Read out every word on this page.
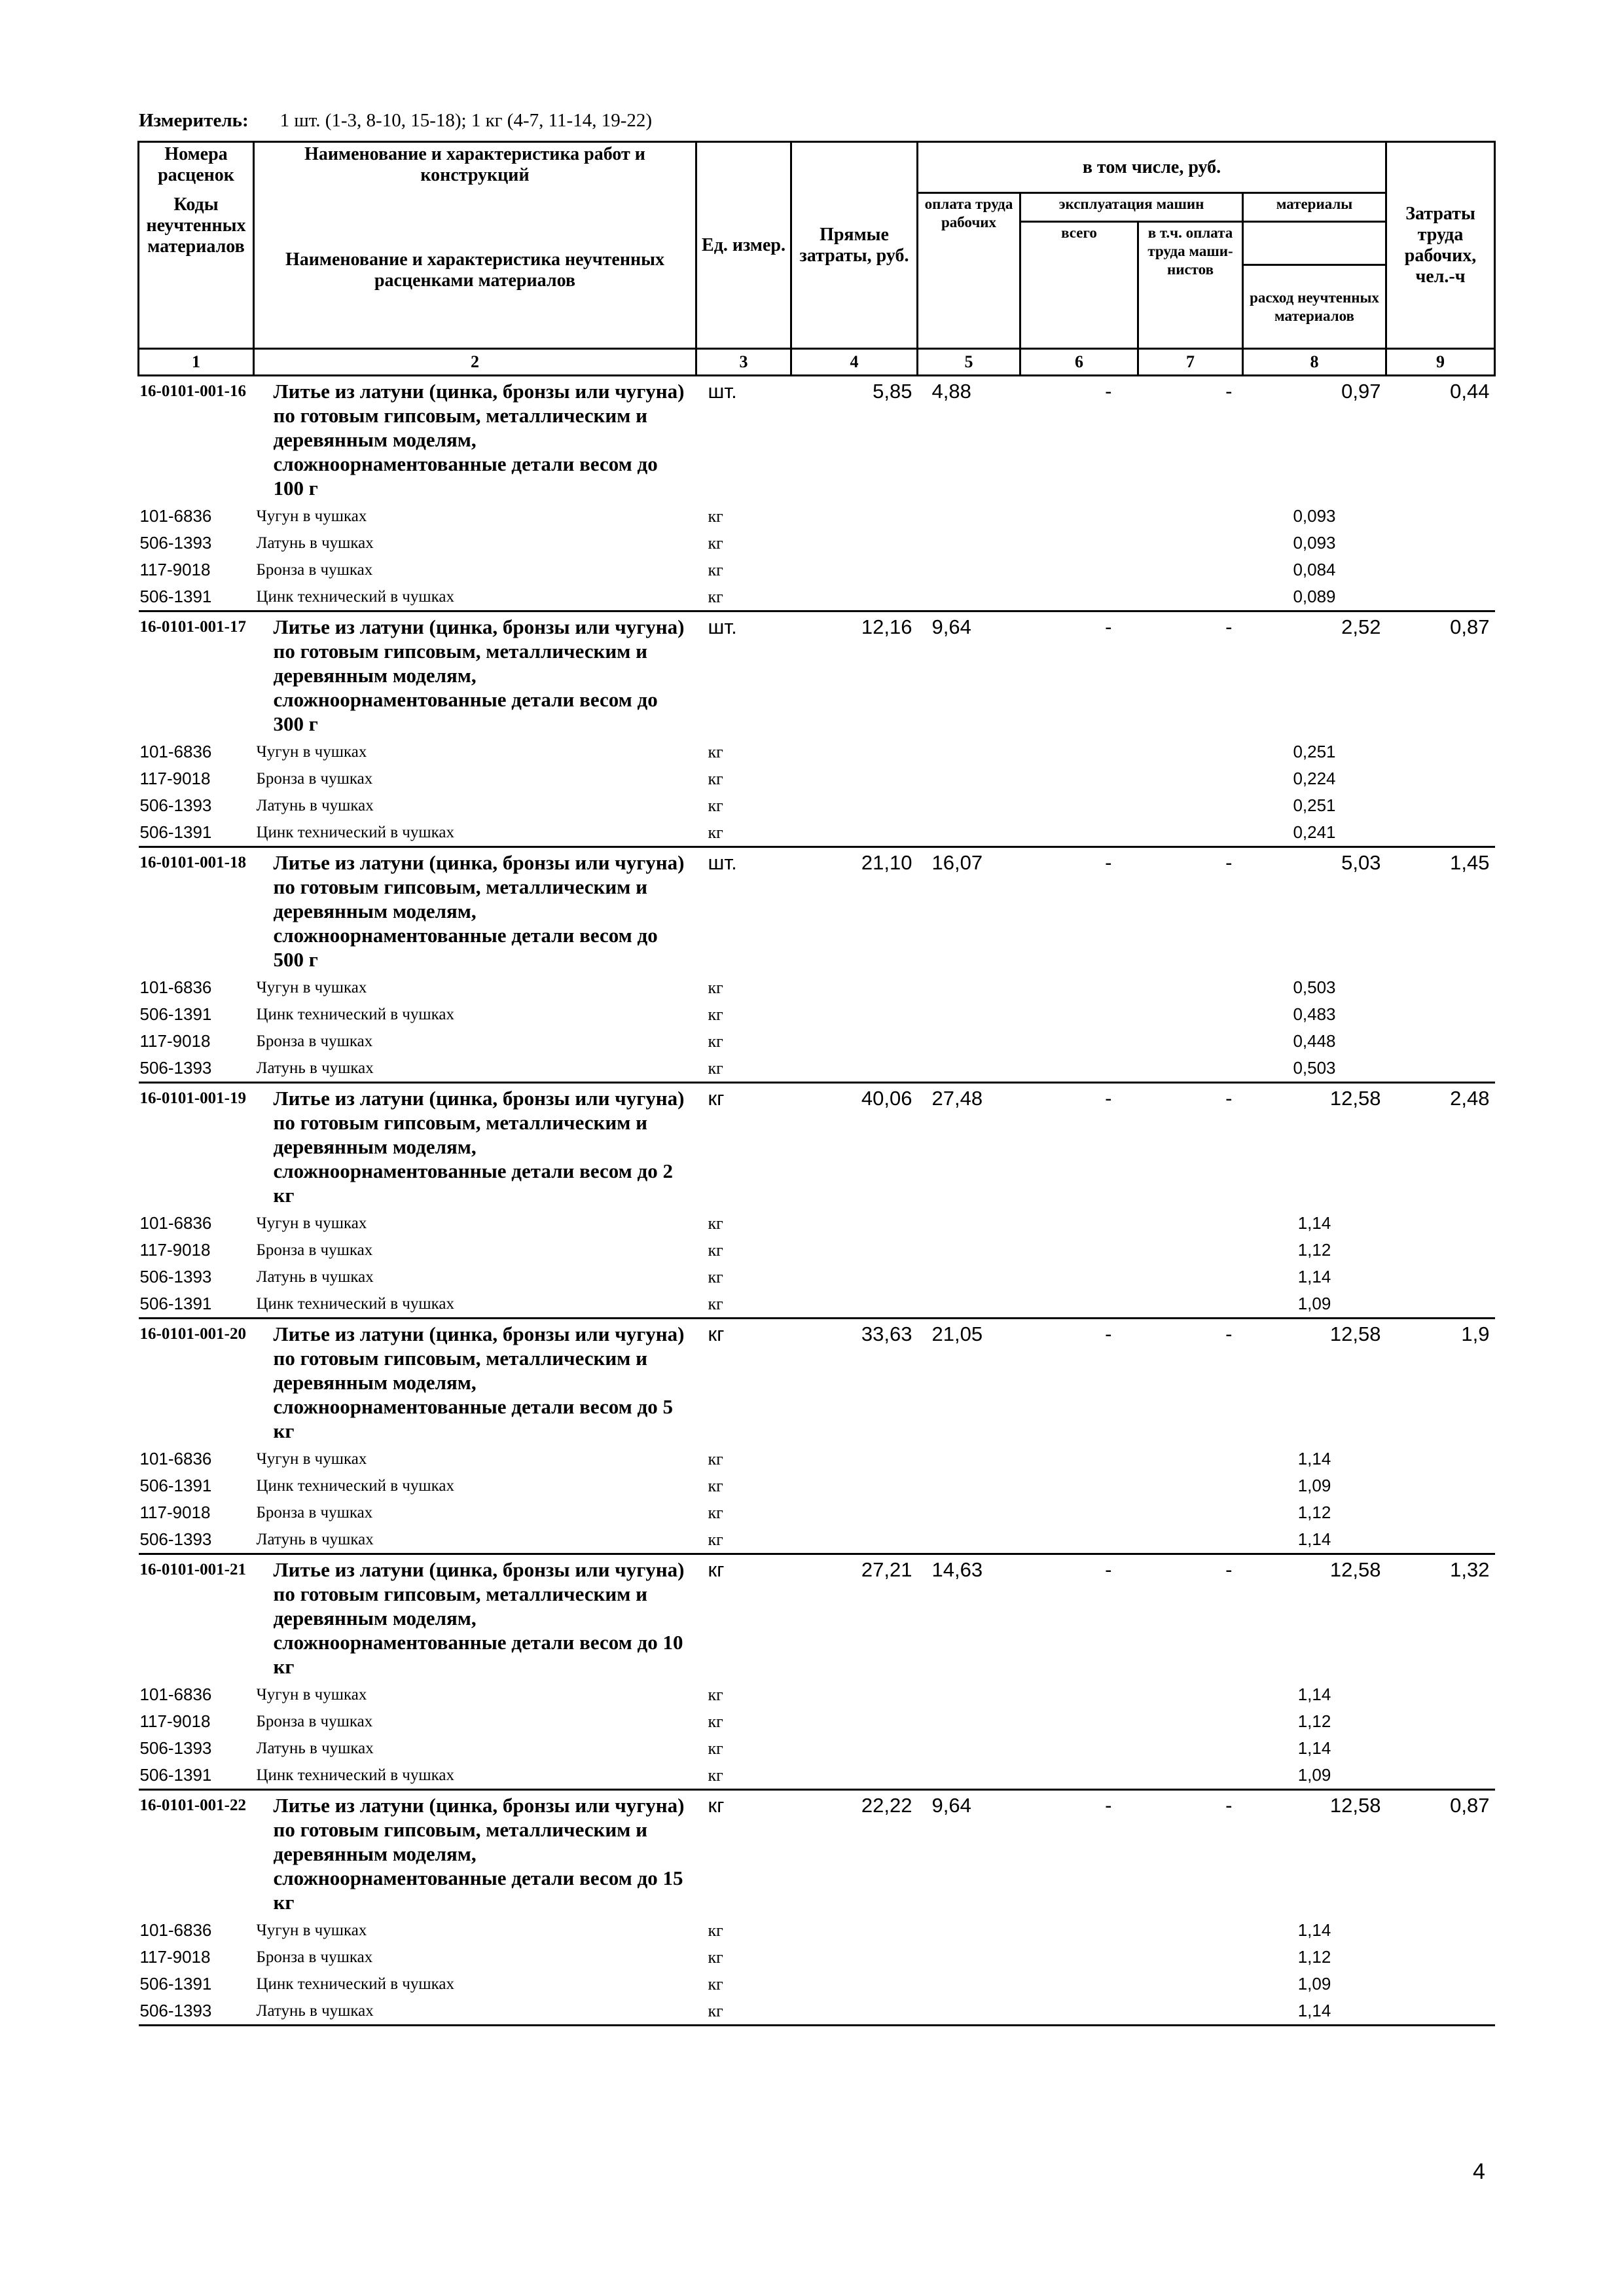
Измеритель: 1 шт. (1-3, 8-10, 15-18); 1 кг (4-7, 11-14, 19-22)
Номера расценок	Наименование и характеристика работ и конструкций	Ед. измер.	Прямые затраты, руб.	в том числе, руб.				Затраты труда рабочих, чел.-ч
Коды неучтенных материалов	Наименование и характеристика неучтенных расценками материалов			оплата труда рабочих	эксплуатация машин		материалы	
					всего	в т.ч. оплата труда маши-нистов		
							расход неучтенных материалов	
1	2	3	4	5	6	7	8	9
16-0101-001-16	Литье из латуни (цинка, бронзы или чугуна) по готовым гипсовым, металлическим и деревянным моделям, сложноорнаментованные детали весом до 100 г	шт.	5,85	4,88	-	-	0,97	0,44
101-6836	Чугун в чушках	кг					0,093	
506-1393	Латунь в чушках	кг					0,093	
117-9018	Бронза в чушках	кг					0,084	
506-1391	Цинк технический в чушках	кг					0,089	
16-0101-001-17	Литье из латуни (цинка, бронзы или чугуна) по готовым гипсовым, металлическим и деревянным моделям, сложноорнаментованные детали весом до 300 г	шт.	12,16	9,64	-	-	2,52	0,87
101-6836	Чугун в чушках	кг					0,251	
117-9018	Бронза в чушках	кг					0,224	
506-1393	Латунь в чушках	кг					0,251	
506-1391	Цинк технический в чушках	кг					0,241	
16-0101-001-18	Литье из латуни (цинка, бронзы или чугуна) по готовым гипсовым, металлическим и деревянным моделям, сложноорнаментованные детали весом до 500 г	шт.	21,10	16,07	-	-	5,03	1,45
101-6836	Чугун в чушках	кг					0,503	
506-1391	Цинк технический в чушках	кг					0,483	
117-9018	Бронза в чушках	кг					0,448	
506-1393	Латунь в чушках	кг					0,503	
16-0101-001-19	Литье из латуни (цинка, бронзы или чугуна) по готовым гипсовым, металлическим и деревянным моделям, сложноорнаментованные детали весом до 2 кг	кг	40,06	27,48	-	-	12,58	2,48
101-6836	Чугун в чушках	кг					1,14	
117-9018	Бронза в чушках	кг					1,12	
506-1393	Латунь в чушках	кг					1,14	
506-1391	Цинк технический в чушках	кг					1,09	
16-0101-001-20	Литье из латуни (цинка, бронзы или чугуна) по готовым гипсовым, металлическим и деревянным моделям, сложноорнаментованные детали весом до 5 кг	кг	33,63	21,05	-	-	12,58	1,9
101-6836	Чугун в чушках	кг					1,14	
506-1391	Цинк технический в чушках	кг					1,09	
117-9018	Бронза в чушках	кг					1,12	
506-1393	Латунь в чушках	кг					1,14	
16-0101-001-21	Литье из латуни (цинка, бронзы или чугуна) по готовым гипсовым, металлическим и деревянным моделям, сложноорнаментованные детали весом до 10 кг	кг	27,21	14,63	-	-	12,58	1,32
101-6836	Чугун в чушках	кг					1,14	
117-9018	Бронза в чушках	кг					1,12	
506-1393	Латунь в чушках	кг					1,14	
506-1391	Цинк технический в чушках	кг					1,09	
16-0101-001-22	Литье из латуни (цинка, бронзы или чугуна) по готовым гипсовым, металлическим и деревянным моделям, сложноорнаментованные детали весом до 15 кг	кг	22,22	9,64	-	-	12,58	0,87
101-6836	Чугун в чушках	кг					1,14	
117-9018	Бронза в чушках	кг					1,12	
506-1391	Цинк технический в чушках	кг					1,09	
506-1393	Латунь в чушках	кг					1,14	
4
